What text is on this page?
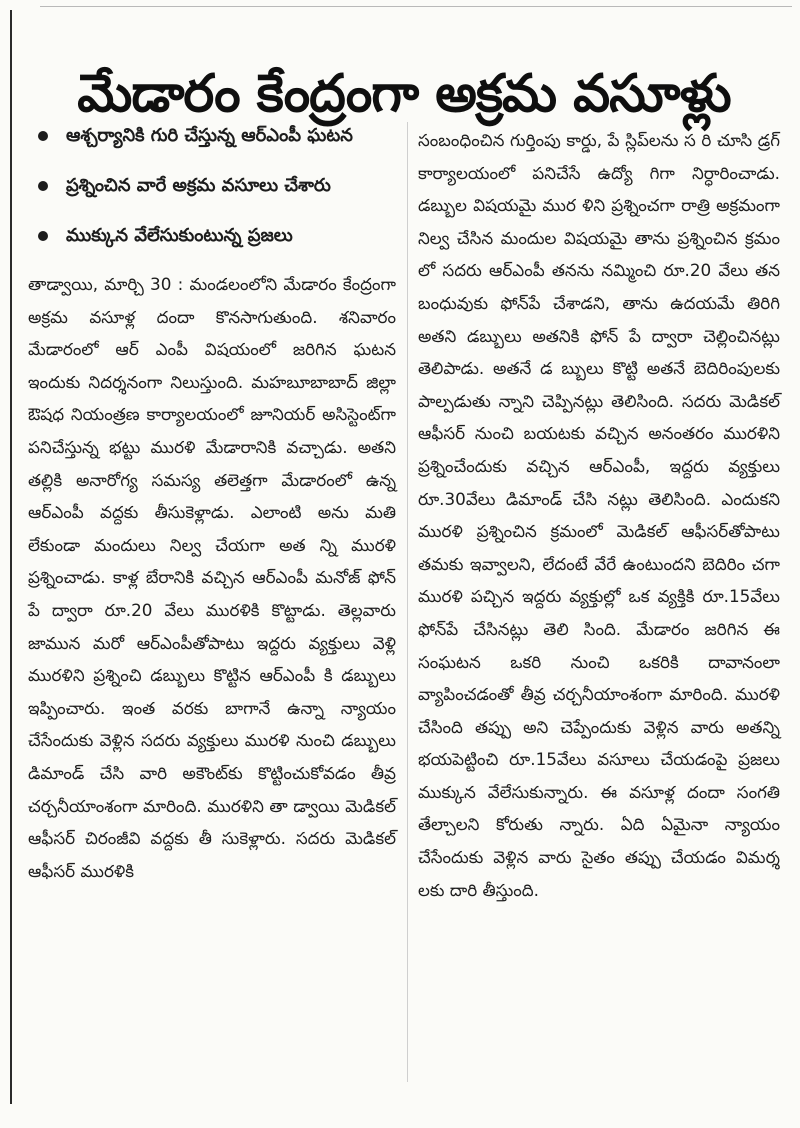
మేడారం కేంద్రంగా అక్రమ వసూళ్లు
ఆశ్చర్యానికి గురి చేస్తున్న ఆర్‌ఎంపీ ఘటన
ప్రశ్నించిన వారే అక్రమ వసూలు చేశారు
ముక్కున వేలేసుకుంటున్న ప్రజలు

తాడ్వాయి, మార్చి 30 : మండలంలోని మేడారం కేంద్రంగా అక్రమ వసూళ్ల దందా కొనసాగుతుంది. శనివారం మేడారంలో ఆర్ ఎంపీ విషయంలో జరిగిన ఘటన ఇందుకు నిదర్శనంగా నిలుస్తుంది. మహబూబాబాద్ జిల్లా ఔషధ నియంత్రణ కార్యాలయంలో జూనియర్ అసిస్టెంట్‌గా పనిచేస్తున్న భట్టు మురళి మేడారానికి వచ్చాడు. అతని తల్లికి అనారోగ్య సమస్య తలెత్తగా మేడారంలో ఉన్న ఆర్‌ఎంపీ వద్దకు తీసుకెళ్లాడు. ఎలాంటి అను మతి లేకుండా మందులు నిల్వ చేయగా అత న్ని మురళి ప్రశ్నించాడు. కాళ్ల బేరానికి వచ్చిన ఆర్‌ఎంపీ మనోజ్ ఫోన్ పే ద్వారా రూ.20 వేలు మురళికి కొట్టాడు. తెల్లవారు జామున మరో ఆర్‌ఎంపీతోపాటు ఇద్దరు వ్యక్తులు వెళ్లి మురళిని ప్రశ్నించి డబ్బులు కొట్టిన ఆర్‌ఎంపీ కి డబ్బులు ఇప్పించారు. ఇంత వరకు బాగానే ఉన్నా న్యాయం చేసేందుకు వెళ్లిన సదరు వ్యక్తులు మురళి నుంచి డబ్బులు డిమాండ్ చేసి వారి అకౌంట్‌కు కొట్టించుకోవడం తీవ్ర చర్చనీయాంశంగా మారింది. మురళిని తా డ్వాయి మెడికల్ ఆఫీసర్ చిరంజీవి వద్దకు తీ సుకెళ్లారు. సదరు మెడికల్ ఆఫీసర్ మురళికి

సంబంధించిన గుర్తింపు కార్డు, పే స్లిప్‌లను స రి చూసి డ్రగ్ కార్యాలయంలో పనిచేసే ఉద్యో గిగా నిర్ధారించాడు. డబ్బుల విషయమై ముర ళిని ప్రశ్నించగా రాత్రి అక్రమంగా నిల్వ చేసిన మందుల విషయమై తాను ప్రశ్నించిన క్రమం లో సదరు ఆర్‌ఎంపీ తనను నమ్మించి రూ.20 వేలు తన బంధువుకు ఫోన్‌పే చేశాడని, తాను ఉదయమే తిరిగి అతని డబ్బులు అతనికి ఫోన్ పే ద్వారా చెల్లించినట్లు తెలిపాడు. అతనే డ బ్బులు కొట్టి అతనే బెదిరింపులకు పాల్పడుతు న్నాని చెప్పినట్లు తెలిసింది. సదరు మెడికల్ ఆఫీసర్ నుంచి బయటకు వచ్చిన అనంతరం మురళిని ప్రశ్నించేందుకు వచ్చిన ఆర్‌ఎంపీ, ఇద్దరు వ్యక్తులు రూ.30వేలు డిమాండ్ చేసి నట్లు తెలిసింది. ఎందుకని మురళి ప్రశ్నించిన క్రమంలో మెడికల్ ఆఫీసర్‌తోపాటు తమకు ఇవ్వాలని, లేదంటే వేరే ఉంటుందని బెదిరిం చగా మురళి పచ్చిన ఇద్దరు వ్యక్తుల్లో ఒక వ్యక్తికి రూ.15వేలు ఫోన్‌పే చేసినట్లు తెలి సింది. మేడారం జరిగిన ఈ సంఘటన ఒకరి నుంచి ఒకరికి దావానంలా వ్యాపించడంతో తీవ్ర చర్చనీయాంశంగా మారింది. మురళి చేసింది తప్పు అని చెప్పేందుకు వెళ్లిన వారు అతన్ని భయపెట్టించి రూ.15వేలు వసూలు చేయడంపై ప్రజలు ముక్కున వేలేసుకున్నారు. ఈ వసూళ్ల దందా సంగతి తేల్చాలని కోరుతు న్నారు. ఏది ఏమైనా న్యాయం చేసేందుకు వెళ్లిన వారు సైతం తప్పు చేయడం విమర్శ లకు దారి తీస్తుంది.
